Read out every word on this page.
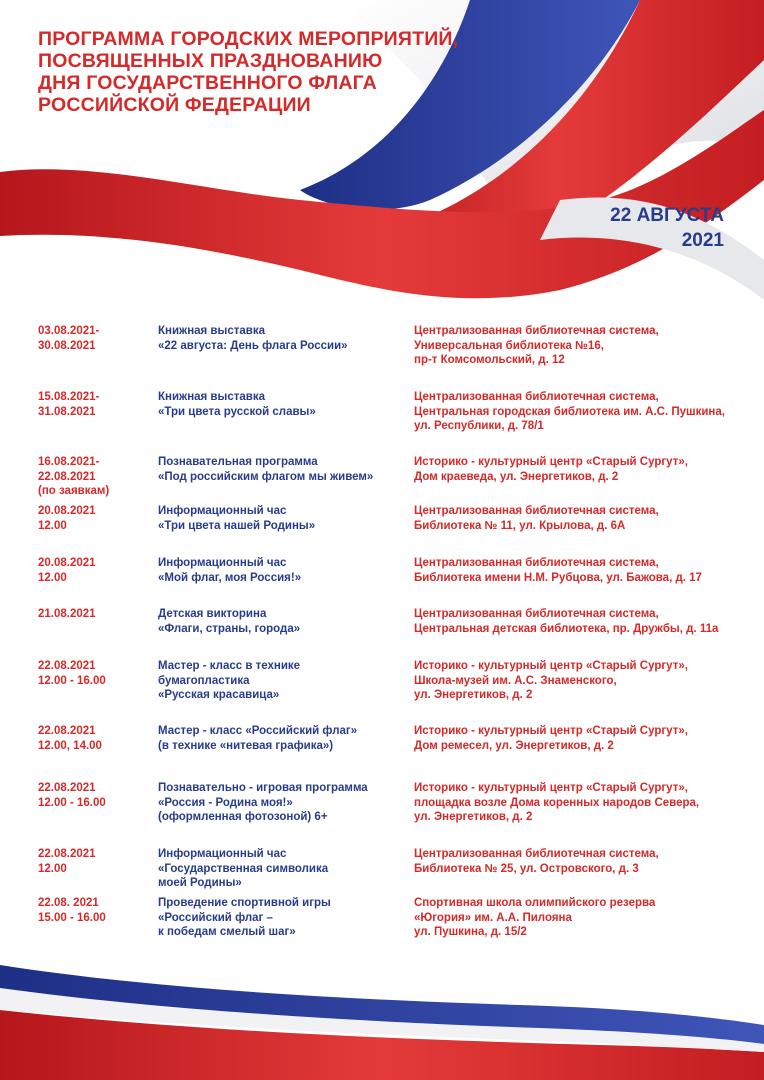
ПРОГРАММА ГОРОДСКИХ МЕРОПРИЯТИЙ,
ПОСВЯЩЕННЫХ ПРАЗДНОВАНИЮ
ДНЯ ГОСУДАРСТВЕННОГО ФЛАГА
РОССИЙСКОЙ ФЕДЕРАЦИИ
22 АВГУСТА
2021
03.08.2021-
30.08.2021
Книжная выставка
«22 августа: День флага России»
Централизованная библиотечная система,
Универсальная библиотека №16,
пр-т Комсомольский, д. 12
15.08.2021-
31.08.2021
Книжная выставка
«Три цвета русской славы»
Централизованная библиотечная система,
Центральная городская библиотека им. А.С. Пушкина,
ул. Республики, д. 78/1
16.08.2021-
22.08.2021
(по заявкам)
Познавательная программа
«Под российским флагом мы живем»
Историко - культурный центр «Старый Сургут»,
Дом краеведа, ул. Энергетиков, д. 2
20.08.2021
12.00
Информационный час
«Три цвета нашей Родины»
Централизованная библиотечная система,
Библиотека № 11, ул. Крылова, д. 6А
20.08.2021
12.00
Информационный час
«Мой флаг, моя Россия!»
Централизованная библиотечная система,
Библиотека имени Н.М. Рубцова, ул. Бажова, д. 17
21.08.2021	Детская викторина
«Флаги, страны, города»
Централизованная библиотечная система,
Центральная детская библиотека, пр. Дружбы, д. 11а
22.08.2021
12.00 - 16.00
Мастер - класс в технике
бумагопластика
«Русская красавица»
Историко - культурный центр «Старый Сургут»,
Школа-музей им. А.С. Знаменского,
ул. Энергетиков, д. 2
22.08.2021
12.00, 14.00
Мастер - класс «Российский флаг»
(в технике «нитевая графика»)
Историко - культурный центр «Старый Сургут»,
Дом ремесел, ул. Энергетиков, д. 2
22.08.2021
12.00 - 16.00
Познавательно - игровая программа
«Россия - Родина моя!»
(оформленная фотозоной) 6+
Историко - культурный центр «Старый Сургут»,
площадка возле Дома коренных народов Севера,
ул. Энергетиков, д. 2
22.08.2021
12.00
Информационный час
«Государственная символика
моей Родины»
Централизованная библиотечная система,
Библиотека № 25, ул. Островского, д. 3
22.08. 2021
15.00 - 16.00
Проведение спортивной игры
«Российский флаг –
к победам смелый шаг»
Спортивная школа олимпийского резерва
«Югория» им. А.А. Пилояна
ул. Пушкина, д. 15/2
